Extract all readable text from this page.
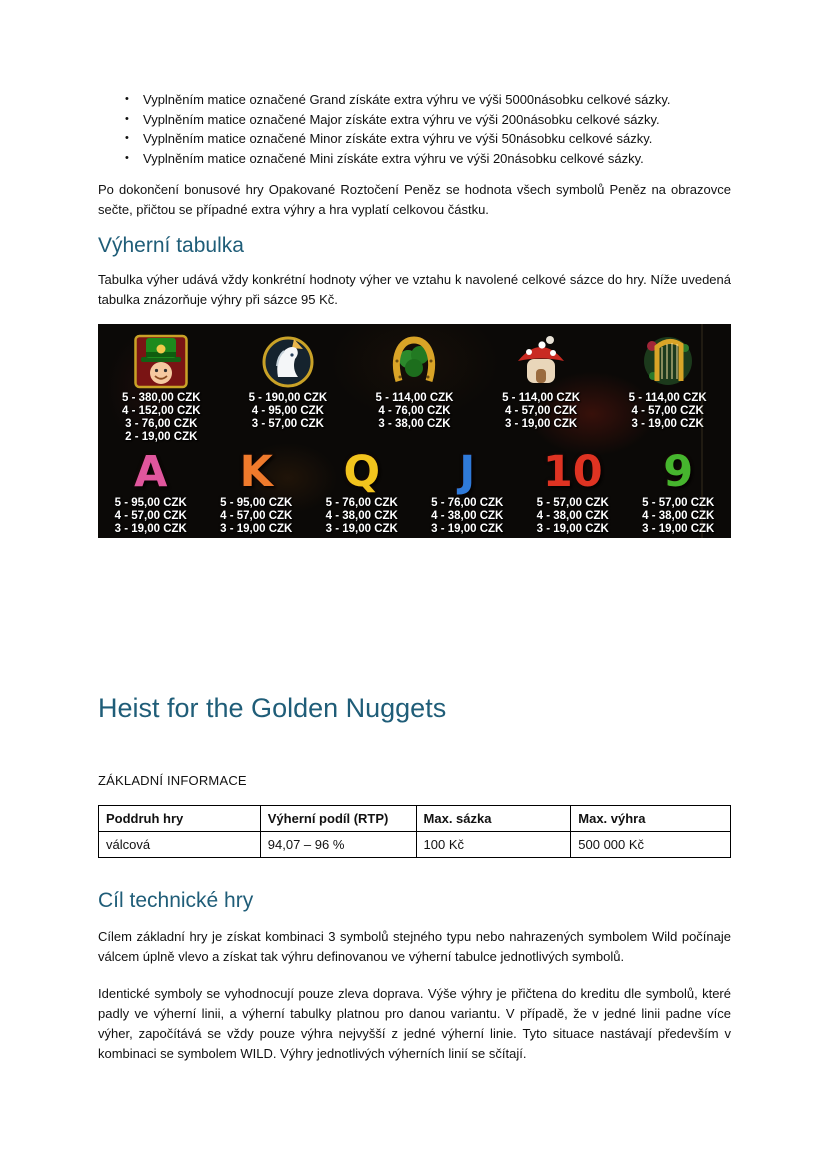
•	Vyplněním matice označené Grand získáte extra výhru ve výši 5000násobku celkové sázky.
•	Vyplněním matice označené Major získáte extra výhru ve výši 200násobku celkové sázky.
•	Vyplněním matice označené Minor získáte extra výhru ve výši 50násobku celkové sázky.
•	Vyplněním matice označené Mini získáte extra výhru ve výši 20násobku celkové sázky.

Po dokončení bonusové hry Opakované Roztočení Peněz se hodnota všech symbolů Peněz na obrazovce sečte, přičtou se případné extra výhry a hra vyplatí celkovou částku.

Výherní tabulka

Tabulka výher udává vždy konkrétní hodnoty výher ve vztahu k navolené celkové sázce do hry. Níže uvedená tabulka znázorňuje výhry při sázce 95 Kč.

5 - 380,00 CZK
4 - 152,00 CZK
3 - 76,00 CZK
2 - 19,00 CZK
5 - 190,00 CZK
4 - 95,00 CZK
3 - 57,00 CZK
5 - 114,00 CZK
4 - 76,00 CZK
3 - 38,00 CZK
5 - 114,00 CZK
4 - 57,00 CZK
3 - 19,00 CZK
5 - 114,00 CZK
4 - 57,00 CZK
3 - 19,00 CZK
A
5 - 95,00 CZK
4 - 57,00 CZK
3 - 19,00 CZK
K
5 - 95,00 CZK
4 - 57,00 CZK
3 - 19,00 CZK
Q
5 - 76,00 CZK
4 - 38,00 CZK
3 - 19,00 CZK
J
5 - 76,00 CZK
4 - 38,00 CZK
3 - 19,00 CZK
10
5 - 57,00 CZK
4 - 38,00 CZK
3 - 19,00 CZK
9
5 - 57,00 CZK
4 - 38,00 CZK
3 - 19,00 CZK
Heist for the Golden Nuggets
ZÁKLADNÍ INFORMACE
Poddruh hry	Výherní podíl (RTP)	Max. sázka	Max. výhra
válcová	94,07 – 96 %	100 Kč	500 000 Kč
Cíl technické hry

Cílem základní hry je získat kombinaci 3 symbolů stejného typu nebo nahrazených symbolem Wild počínaje válcem úplně vlevo a získat tak výhru definovanou ve výherní tabulce jednotlivých symbolů.

Identické symboly se vyhodnocují pouze zleva doprava. Výše výhry je přičtena do kreditu dle symbolů, které padly ve výherní linii, a výherní tabulky platnou pro danou variantu. V případě, že v jedné linii padne více výher, započítává se vždy pouze výhra nejvyšší z jedné výherní linie. Tyto situace nastávají především v kombinaci se symbolem WILD. Výhry jednotlivých výherních linií se sčítají.
